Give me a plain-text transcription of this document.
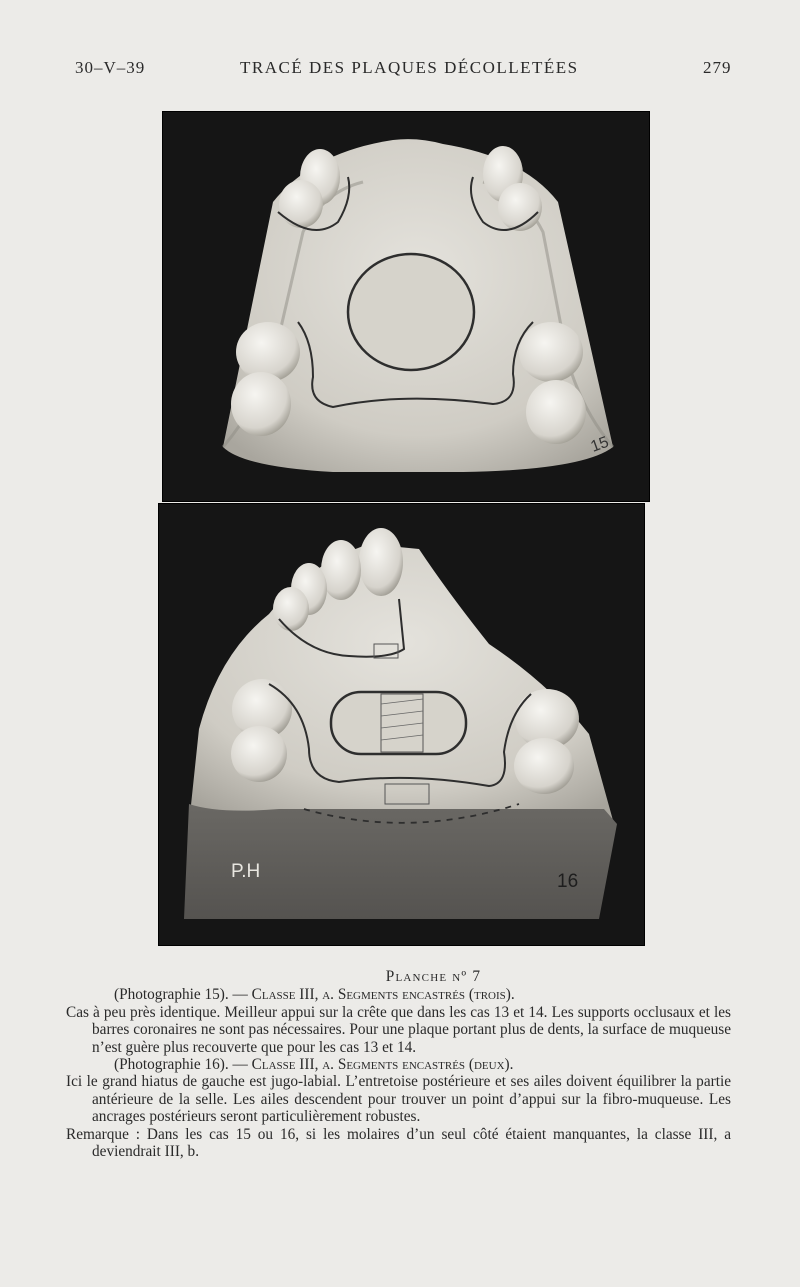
30–V–39	TRACÉ DES PLAQUES DÉCOLLETÉES	279
15
P.H	16

Planche nº 7

(Photographie 15). — Classe III, a. Segments encastrés (trois).

Cas à peu près identique. Meilleur appui sur la crête que dans les cas 13 et 14. Les supports occlusaux et les barres coronaires ne sont pas nécessaires. Pour une plaque portant plus de dents, la surface de muqueuse n’est guère plus recouverte que pour les cas 13 et 14.

(Photographie 16). — Classe III, a. Segments encastrés (deux).

Ici le grand hiatus de gauche est jugo-labial. L’entretoise postérieure et ses ailes doivent équilibrer la partie antérieure de la selle. Les ailes descendent pour trouver un point d’appui sur la fibro-muqueuse. Les ancrages postérieurs seront particulièrement robustes.

Remarque : Dans les cas 15 ou 16, si les molaires d’un seul côté étaient manquantes, la classe III, a deviendrait III, b.
